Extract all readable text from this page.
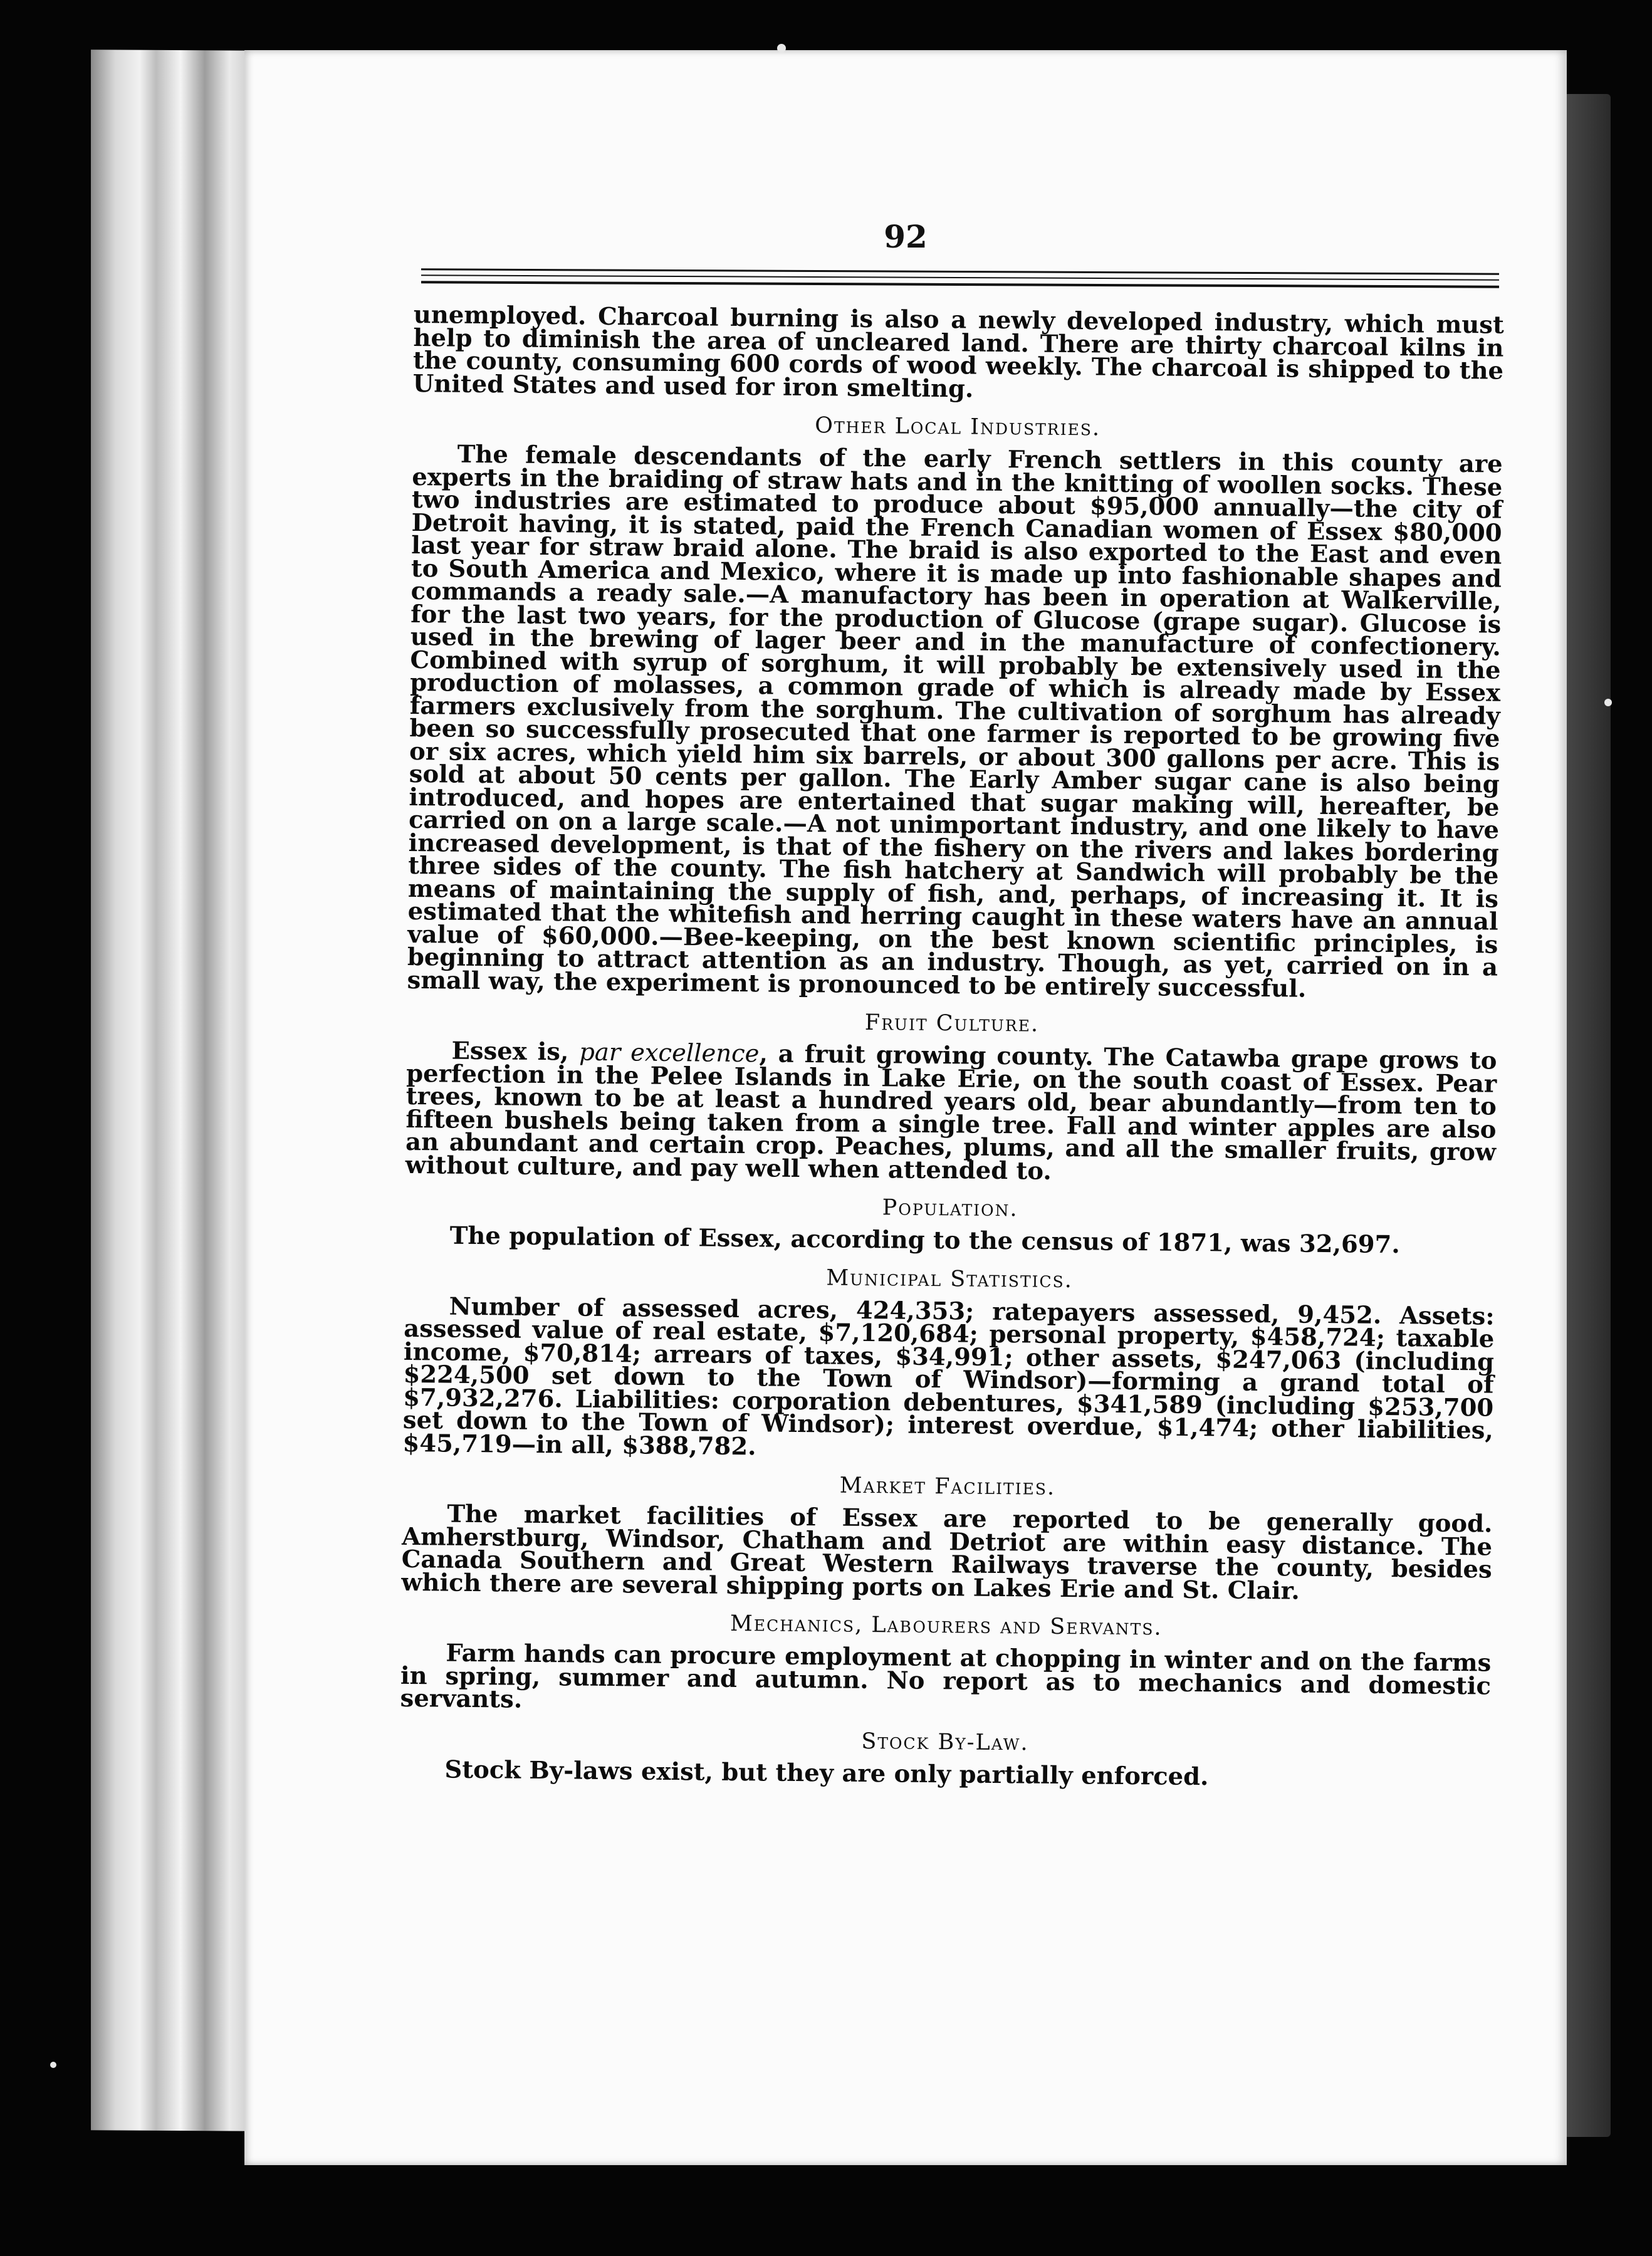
92

unemployed. Charcoal burning is also a newly developed industry, which must help to diminish the area of uncleared land. There are thirty charcoal kilns in the county, consuming 600 cords of wood weekly. The charcoal is shipped to the United States and used for iron smelting.

Other Local Industries.

The female descendants of the early French settlers in this county are experts in the braiding of straw hats and in the knitting of woollen socks. These two industries are estimated to produce about $95,000 annually—the city of Detroit having, it is stated, paid the French Canadian women of Essex $80,000 last year for straw braid alone. The braid is also exported to the East and even to South America and Mexico, where it is made up into fashionable shapes and commands a ready sale.—A manufactory has been in operation at Walkerville, for the last two years, for the production of Glucose (grape sugar). Glucose is used in the brewing of lager beer and in the manufacture of confectionery. Combined with syrup of sorghum, it will probably be extensively used in the production of molasses, a common grade of which is already made by Essex farmers exclusively from the sorghum. The cultivation of sorghum has already been so successfully prosecuted that one farmer is reported to be growing five or six acres, which yield him six barrels, or about 300 gallons per acre. This is sold at about 50 cents per gallon. The Early Amber sugar cane is also being introduced, and hopes are entertained that sugar making will, hereafter, be carried on on a large scale.—A not unimportant industry, and one likely to have increased development, is that of the fishery on the rivers and lakes bordering three sides of the county. The fish hatchery at Sandwich will probably be the means of maintaining the supply of fish, and, perhaps, of increasing it. It is estimated that the whitefish and herring caught in these waters have an annual value of $60,000.—Bee-keeping, on the best known scientific principles, is beginning to attract attention as an industry. Though, as yet, carried on in a small way, the experiment is pronounced to be entirely successful.

Fruit Culture.

Essex is, par excellence, a fruit growing county. The Catawba grape grows to perfection in the Pelee Islands in Lake Erie, on the south coast of Essex. Pear trees, known to be at least a hundred years old, bear abundantly—from ten to fifteen bushels being taken from a single tree. Fall and winter apples are also an abundant and certain crop. Peaches, plums, and all the smaller fruits, grow without culture, and pay well when attended to.

Population.

The population of Essex, according to the census of 1871, was 32,697.

Municipal Statistics.

Number of assessed acres, 424,353; ratepayers assessed, 9,452. Assets: assessed value of real estate, $7,120,684; personal property, $458,724; taxable income, $70,814; arrears of taxes, $34,991; other assets, $247,063 (including $224,500 set down to the Town of Windsor)—forming a grand total of $7,932,276. Liabilities: corporation debentures, $341,589 (including $253,700 set down to the Town of Windsor); interest overdue, $1,474; other liabilities, $45,719—in all, $388,782.

Market Facilities.

The market facilities of Essex are reported to be generally good. Amherstburg, Windsor, Chatham and Detriot are within easy distance. The Canada Southern and Great Western Railways traverse the county, besides which there are several shipping ports on Lakes Erie and St. Clair.

Mechanics, Labourers and Servants.

Farm hands can procure employment at chopping in winter and on the farms in spring, summer and autumn. No report as to mechanics and domestic servants.

Stock By-Law.

Stock By-laws exist, but they are only partially enforced.
